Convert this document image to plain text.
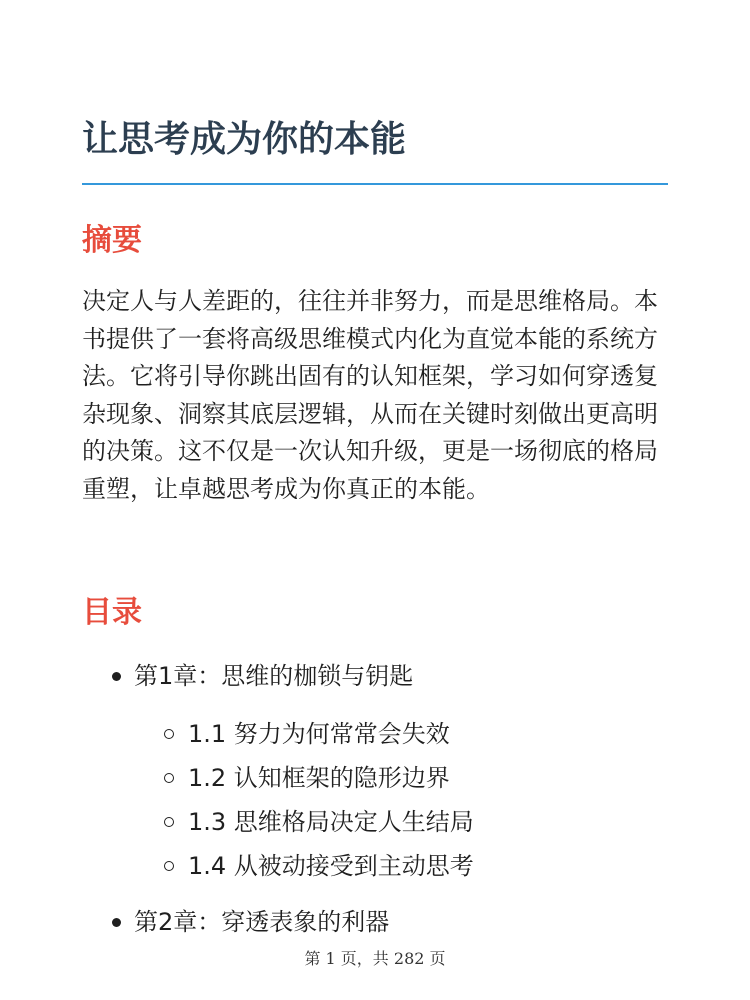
让思考成为你的本能
摘要

决定人与人差距的，往往并非努力，而是思维格局。本书提供了一套将高级思维模式内化为直觉本能的系统方法。它将引导你跳出固有的认知框架，学习如何穿透复杂现象、洞察其底层逻辑，从而在关键时刻做出更高明的决策。这不仅是一次认知升级，更是一场彻底的格局重塑，让卓越思考成为你真正的本能。

目录
第1章：思维的枷锁与钥匙
1.1 努力为何常常会失效
1.2 认知框架的隐形边界
1.3 思维格局决定人生结局
1.4 从被动接受到主动思考
第2章：穿透表象的利器
第 1 页，共 282 页
